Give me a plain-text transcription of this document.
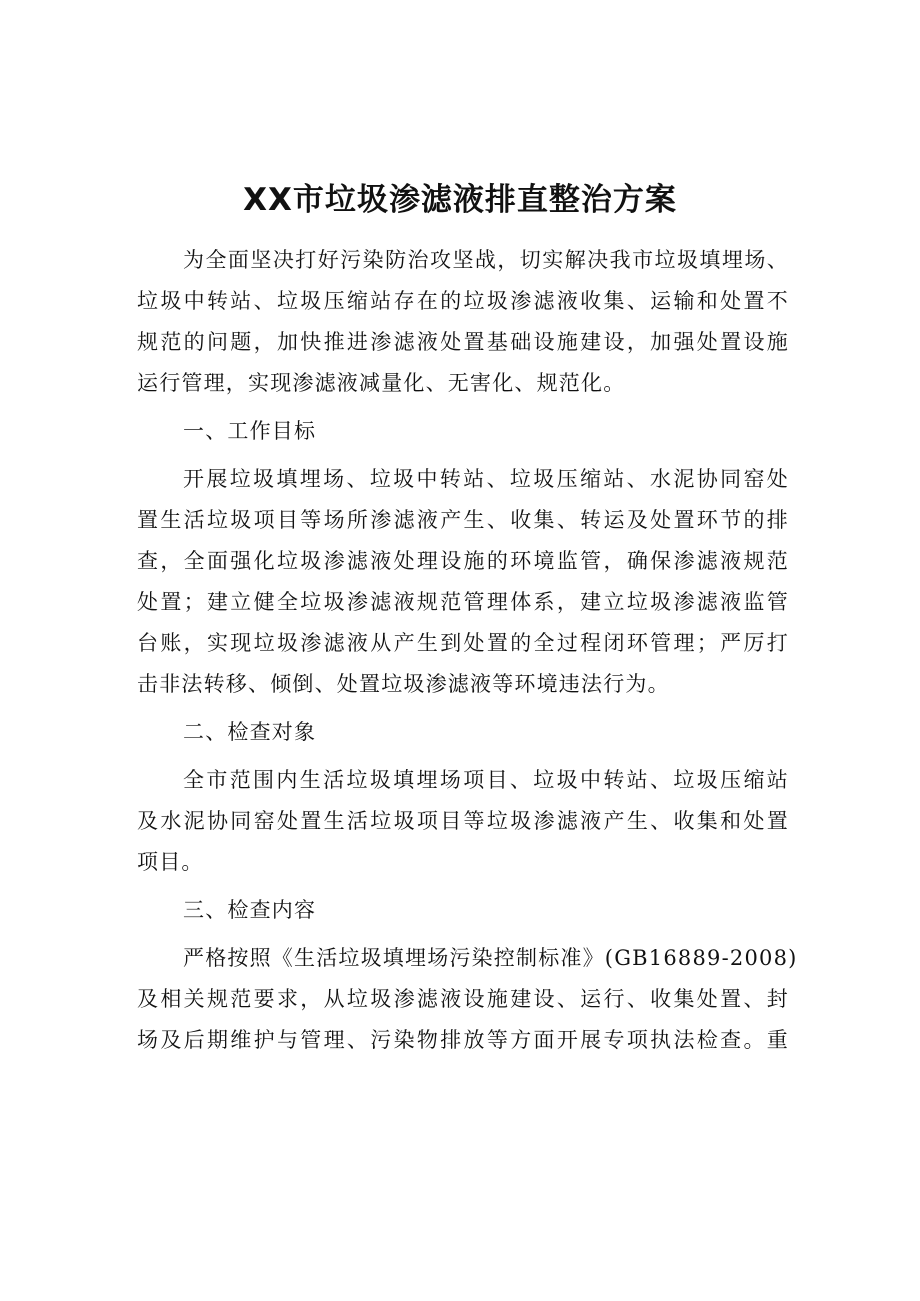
XX市垃圾渗滤液排直整治方案
为全面坚决打好污染防治攻坚战，切实解决我市垃圾填埋场、
垃圾中转站、垃圾压缩站存在的垃圾渗滤液收集、运输和处置不
规范的问题，加快推进渗滤液处置基础设施建设，加强处置设施
运行管理，实现渗滤液减量化、无害化、规范化。
一、工作目标
开展垃圾填埋场、垃圾中转站、垃圾压缩站、水泥协同窑处
置生活垃圾项目等场所渗滤液产生、收集、转运及处置环节的排
查，全面强化垃圾渗滤液处理设施的环境监管，确保渗滤液规范
处置；建立健全垃圾渗滤液规范管理体系，建立垃圾渗滤液监管
台账，实现垃圾渗滤液从产生到处置的全过程闭环管理；严厉打
击非法转移、倾倒、处置垃圾渗滤液等环境违法行为。
二、检查对象
全市范围内生活垃圾填埋场项目、垃圾中转站、垃圾压缩站
及水泥协同窑处置生活垃圾项目等垃圾渗滤液产生、收集和处置
项目。
三、检查内容
严格按照《生活垃圾填埋场污染控制标准》(GB16889-2008)
及相关规范要求，从垃圾渗滤液设施建设、运行、收集处置、封
场及后期维护与管理、污染物排放等方面开展专项执法检查。重
